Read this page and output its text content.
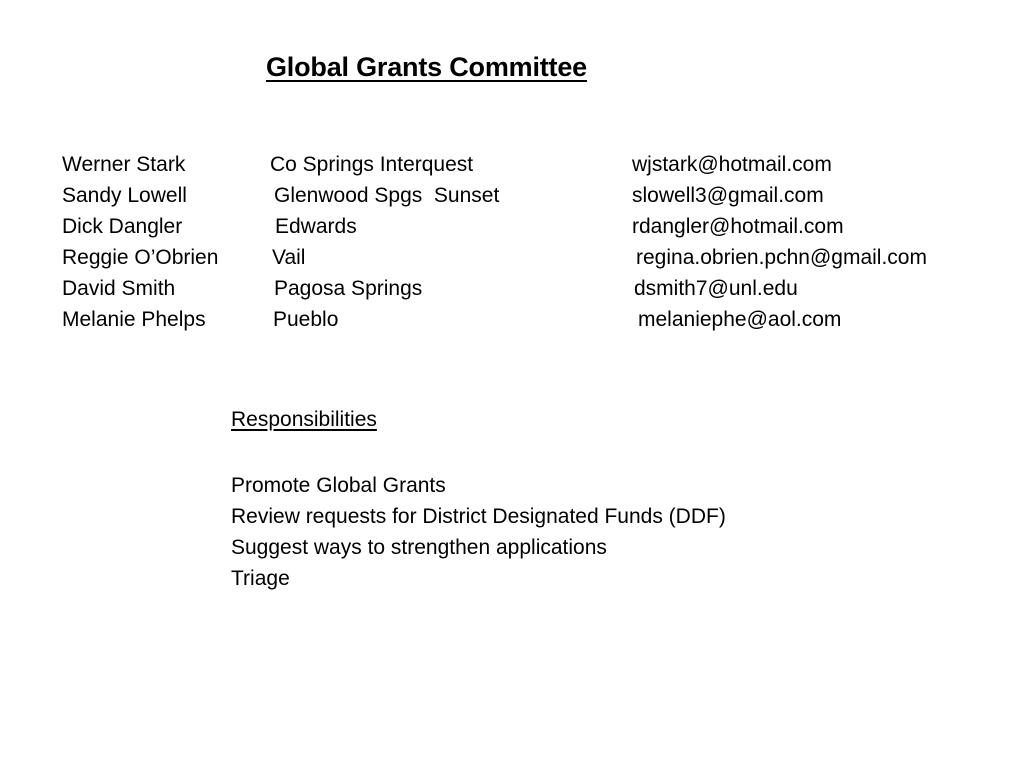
Global Grants Committee
Werner Stark	Co Springs Interquest	wjstark@hotmail.com
Sandy Lowell	Glenwood Spgs  Sunset	slowell3@gmail.com
Dick Dangler	Edwards	rdangler@hotmail.com
Reggie O’Obrien	Vail	regina.obrien.pchn@gmail.com
David Smith	Pagosa Springs	dsmith7@unl.edu
Melanie Phelps	Pueblo	melaniephe@aol.com
Responsibilities
Promote Global Grants
Review requests for District Designated Funds (DDF)
Suggest ways to strengthen applications
Triage
